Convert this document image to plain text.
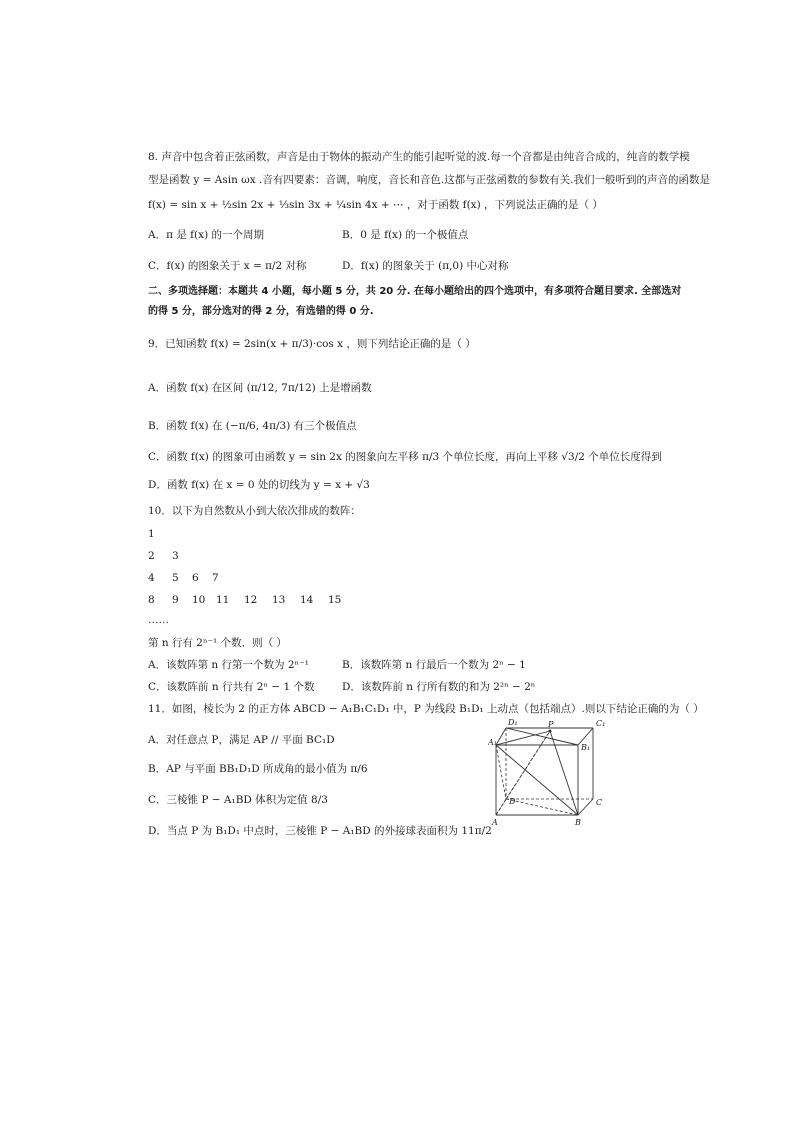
8. 声音中包含着正弦函数，声音是由于物体的振动产生的能引起听觉的波.每一个音都是由纯音合成的，纯音的数学模
型是函数 y = Asin ωx .音有四要素：音调，响度，音长和音色.这都与正弦函数的参数有关.我们一般听到的声音的函数是
f(x) = sin x + ½sin 2x + ⅓sin 3x + ¼sin 4x + ⋯ ，对于函数 f(x) ，下列说法正确的是（ ）
A．π 是 f(x) 的一个周期	B．0 是 f(x) 的一个极值点
C．f(x) 的图象关于 x = π/2 对称	D．f(x) 的图象关于 (π,0) 中心对称
二、多项选择题：本题共 4 小题，每小题 5 分，共 20 分. 在每小题给出的四个选项中，有多项符合题目要求. 全部选对
的得 5 分，部分选对的得 2 分，有选错的得 0 分.
9．已知函数 f(x) = 2sin(x + π/3)·cos x ，则下列结论正确的是（ ）
A．函数 f(x) 在区间 (π/12, 7π/12) 上是增函数
B．函数 f(x) 在 (−π/6, 4π/3) 有三个极值点
C．函数 f(x) 的图象可由函数 y = sin 2x 的图象向左平移 π/3 个单位长度，再向上平移 √3/2 个单位长度得到
D．函数 f(x) 在 x = 0 处的切线为 y = x + √3
10．以下为自然数从小到大依次排成的数阵：
1
2 3
4 5 6 7
8 9 10 11 12 13 14 15
……
第 n 行有 2ⁿ⁻¹ 个数．则（ ）
A．该数阵第 n 行第一个数为 2ⁿ⁻¹	B．该数阵第 n 行最后一个数为 2ⁿ − 1
C．该数阵前 n 行共有 2ⁿ − 1 个数	D．该数阵前 n 行所有数的和为 2²ⁿ − 2ⁿ
11．如图，棱长为 2 的正方体 ABCD − A₁B₁C₁D₁ 中，P 为线段 B₁D₁ 上动点（包括端点）.则以下结论正确的为（ ）
A．对任意点 P，满足 AP // 平面 BC₁D
B．AP 与平面 BB₁D₁D 所成角的最小值为 π/6
C．三棱锥 P − A₁BD 体积为定值 8/3
D．当点 P 为 B₁D₁ 中点时，三棱锥 P − A₁BD 的外接球表面积为 11π/2
D₁	P	C₁
A₁
B₁
D	C
A	B
